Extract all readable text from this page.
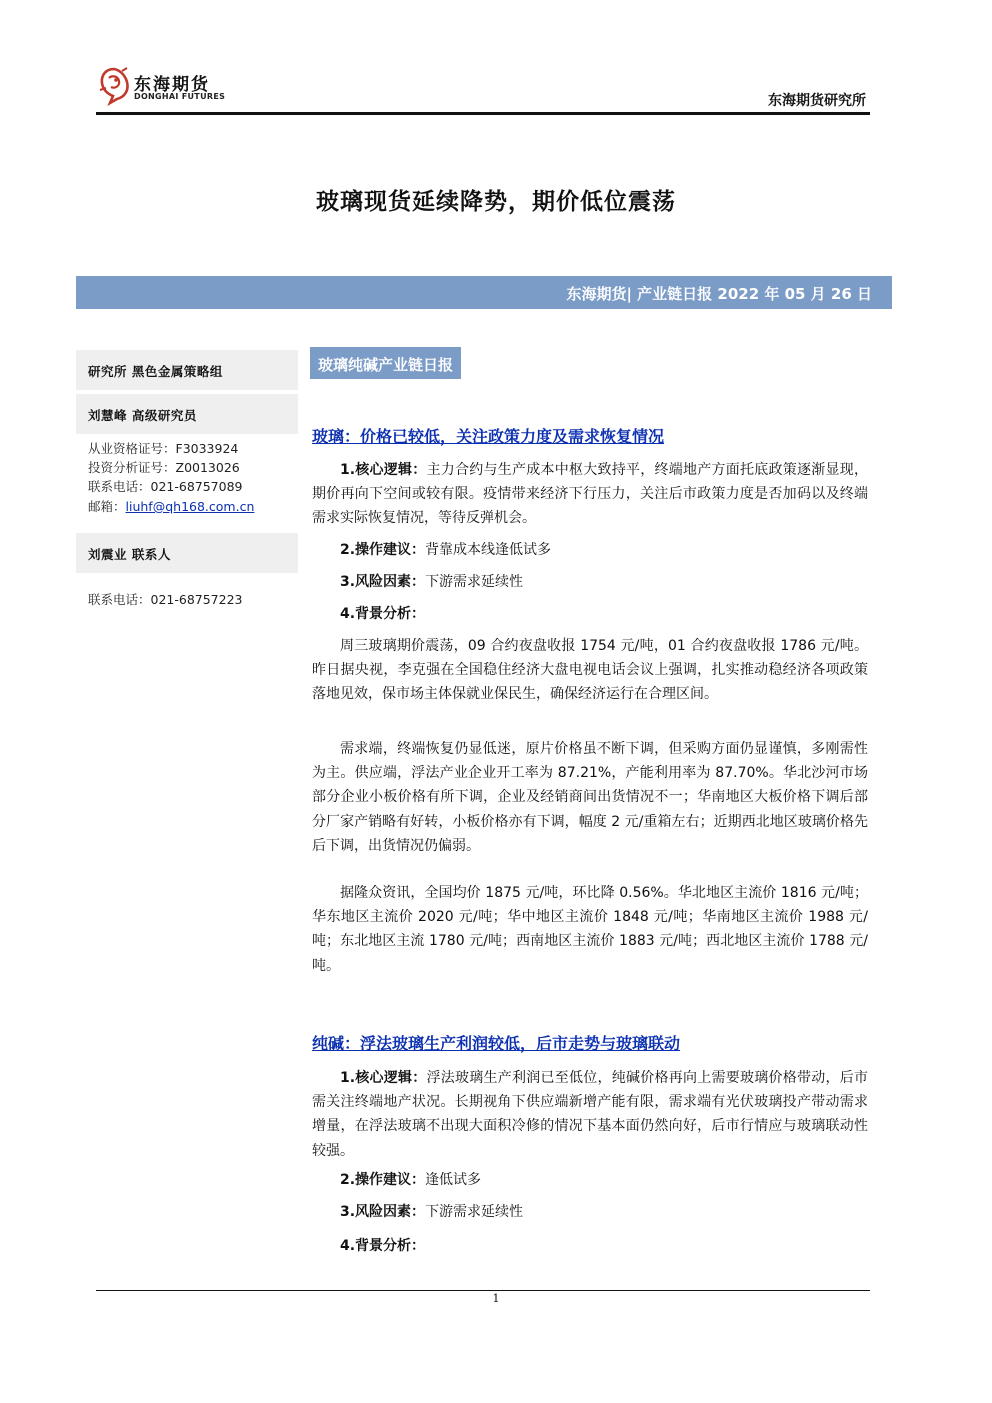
东海期货
DONGHAI FUTURES	东海期货研究所
玻璃现货延续降势，期价低位震荡
东海期货| 产业链日报 2022 年 05 月 26 日
研究所 黑色金属策略组
刘慧峰 高级研究员
从业资格证号：F3033924
投资分析证号：Z0013026
联系电话：021-68757089
邮箱：liuhf@qh168.com.cn
刘震业 联系人
联系电话：021-68757223
玻璃纯碱产业链日报
玻璃：价格已较低，关注政策力度及需求恢复情况

1.核心逻辑：主力合约与生产成本中枢大致持平，终端地产方面托底政策逐渐显现，期价再向下空间或较有限。疫情带来经济下行压力，关注后市政策力度是否加码以及终端需求实际恢复情况，等待反弹机会。

2.操作建议：背靠成本线逢低试多

3.风险因素：下游需求延续性

4.背景分析：

周三玻璃期价震荡，09 合约夜盘收报 1754 元/吨，01 合约夜盘收报 1786 元/吨。昨日据央视，李克强在全国稳住经济大盘电视电话会议上强调，扎实推动稳经济各项政策落地见效，保市场主体保就业保民生，确保经济运行在合理区间。

需求端，终端恢复仍显低迷，原片价格虽不断下调，但采购方面仍显谨慎，多刚需性为主。供应端，浮法产业企业开工率为 87.21%，产能利用率为 87.70%。华北沙河市场部分企业小板价格有所下调，企业及经销商间出货情况不一；华南地区大板价格下调后部分厂家产销略有好转，小板价格亦有下调，幅度 2 元/重箱左右；近期西北地区玻璃价格先后下调，出货情况仍偏弱。

据隆众资讯，全国均价 1875 元/吨，环比降 0.56%。华北地区主流价 1816 元/吨；华东地区主流价 2020 元/吨；华中地区主流价 1848 元/吨；华南地区主流价 1988 元/吨；东北地区主流 1780 元/吨；西南地区主流价 1883 元/吨；西北地区主流价 1788 元/吨。

纯碱：浮法玻璃生产利润较低，后市走势与玻璃联动

1.核心逻辑：浮法玻璃生产利润已至低位，纯碱价格再向上需要玻璃价格带动，后市需关注终端地产状况。长期视角下供应端新增产能有限，需求端有光伏玻璃投产带动需求增量，在浮法玻璃不出现大面积冷修的情况下基本面仍然向好，后市行情应与玻璃联动性较强。

2.操作建议：逢低试多

3.风险因素：下游需求延续性

4.背景分析：

1
